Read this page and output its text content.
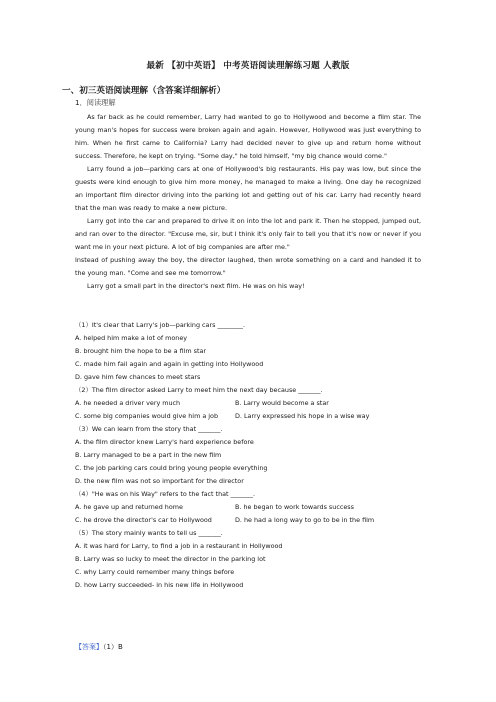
最新 【初中英语】 中考英语阅读理解练习题 人教版
一、初三英语阅读理解（含答案详细解析）
1．阅读理解

As far back as he could remember, Larry had wanted to go to Hollywood and become a film star. The young man's hopes for success were broken again and again. However, Hollywood was just everything to him. When he first came to California? Larry had decided never to give up and return home without success. Therefore, he kept on trying. "Some day," he told himself, "my big chance would come."

Larry found a job—parking cars at one of Hollywood's big restaurants. His pay was low, but since the guests were kind enough to give him more money, he managed to make a living. One day he recognized an important film director driving into the parking lot and getting out of his car. Larry had recently heard that the man was ready to make a new picture.

Larry got into the car and prepared to drive it on into the lot and park it. Then he stopped, jumped out, and ran over to the director. "Excuse me, sir, but I think it's only fair to tell you that it's now or never if you want me in your next picture. A lot of big companies are after me."

Instead of pushing away the boy, the director laughed, then wrote something on a card and handed it to the young man. "Come and see me tomorrow."

Larry got a small part in the director's next film. He was on his way!

（1）It's clear that Larry's job—parking cars ________.
A. helped him make a lot of money
B. brought him the hope to be a film star
C. made him fail again and again in getting into Hollywood
D. gave him few chances to meet stars
（2）The film director asked Larry to meet him the next day because _______.
A. he needed a driver very much	B. Larry would become a star
C. some big companies would give him a job	D. Larry expressed his hope in a wise way
（3）We can learn from the story that _______.
A. the film director knew Larry's hard experience before
B. Larry managed to be a part in the new film
C. the job parking cars could bring young people everything
D. the new film was not so important for the director
（4）"He was on his Way" refers to the fact that _______.
A. he gave up and returned home	B. he began to work towards success
C. he drove the director's car to Hollywood	D. he had a long way to go to be in the film
（5）The story mainly wants to tell us _______.
A. it was hard for Larry, to find a job in a restaurant in Hollywood
B. Larry was so lucky to meet the director in the parking lot
C. why Larry could remember many things before
D. how Larry succeeded- in his new life in Hollywood
【答案】（1）B
